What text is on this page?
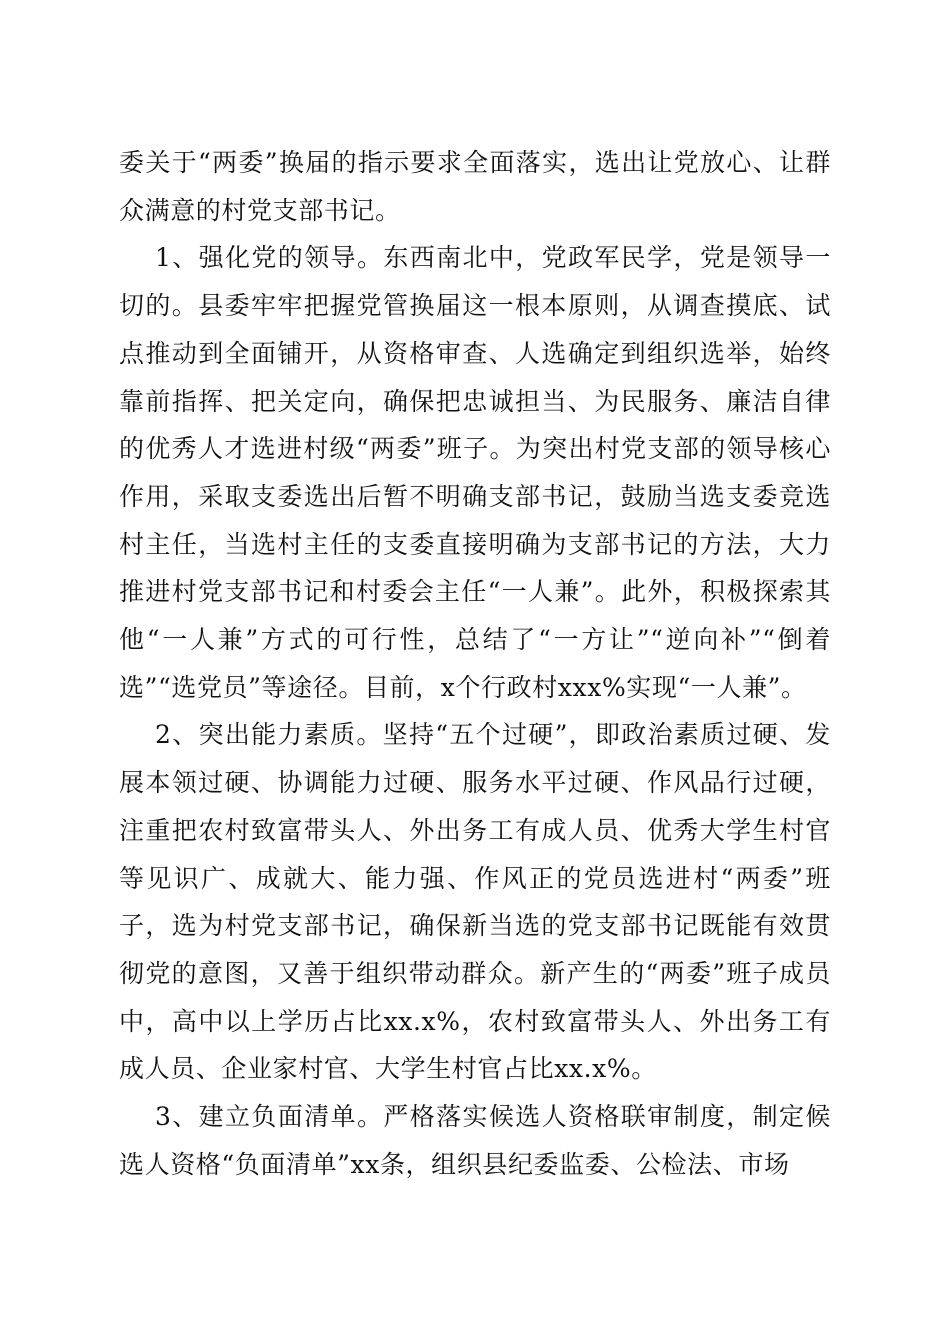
委关于“两委”换届的指示要求全面落实，选出让党放心、让群众满意的村党支部书记。

1、强化党的领导。东西南北中，党政军民学，党是领导一切的。县委牢牢把握党管换届这一根本原则，从调查摸底、试点推动到全面铺开，从资格审查、人选确定到组织选举，始终靠前指挥、把关定向，确保把忠诚担当、为民服务、廉洁自律的优秀人才选进村级“两委”班子。为突出村党支部的领导核心作用，采取支委选出后暂不明确支部书记，鼓励当选支委竞选村主任，当选村主任的支委直接明确为支部书记的方法，大力推进村党支部书记和村委会主任“一人兼”。此外，积极探索其他“一人兼”方式的可行性，总结了“一方让”“逆向补”“倒着选”“选党员”等途径。目前，x个行政村xxx%实现“一人兼”。

2、突出能力素质。坚持“五个过硬”，即政治素质过硬、发展本领过硬、协调能力过硬、服务水平过硬、作风品行过硬，注重把农村致富带头人、外出务工有成人员、优秀大学生村官等见识广、成就大、能力强、作风正的党员选进村“两委”班子，选为村党支部书记，确保新当选的党支部书记既能有效贯彻党的意图，又善于组织带动群众。新产生的“两委”班子成员中，高中以上学历占比xx.x%，农村致富带头人、外出务工有成人员、企业家村官、大学生村官占比xx.x%。

3、建立负面清单。严格落实候选人资格联审制度，制定候选人资格“负面清单”xx条，组织县纪委监委、公检法、市场
